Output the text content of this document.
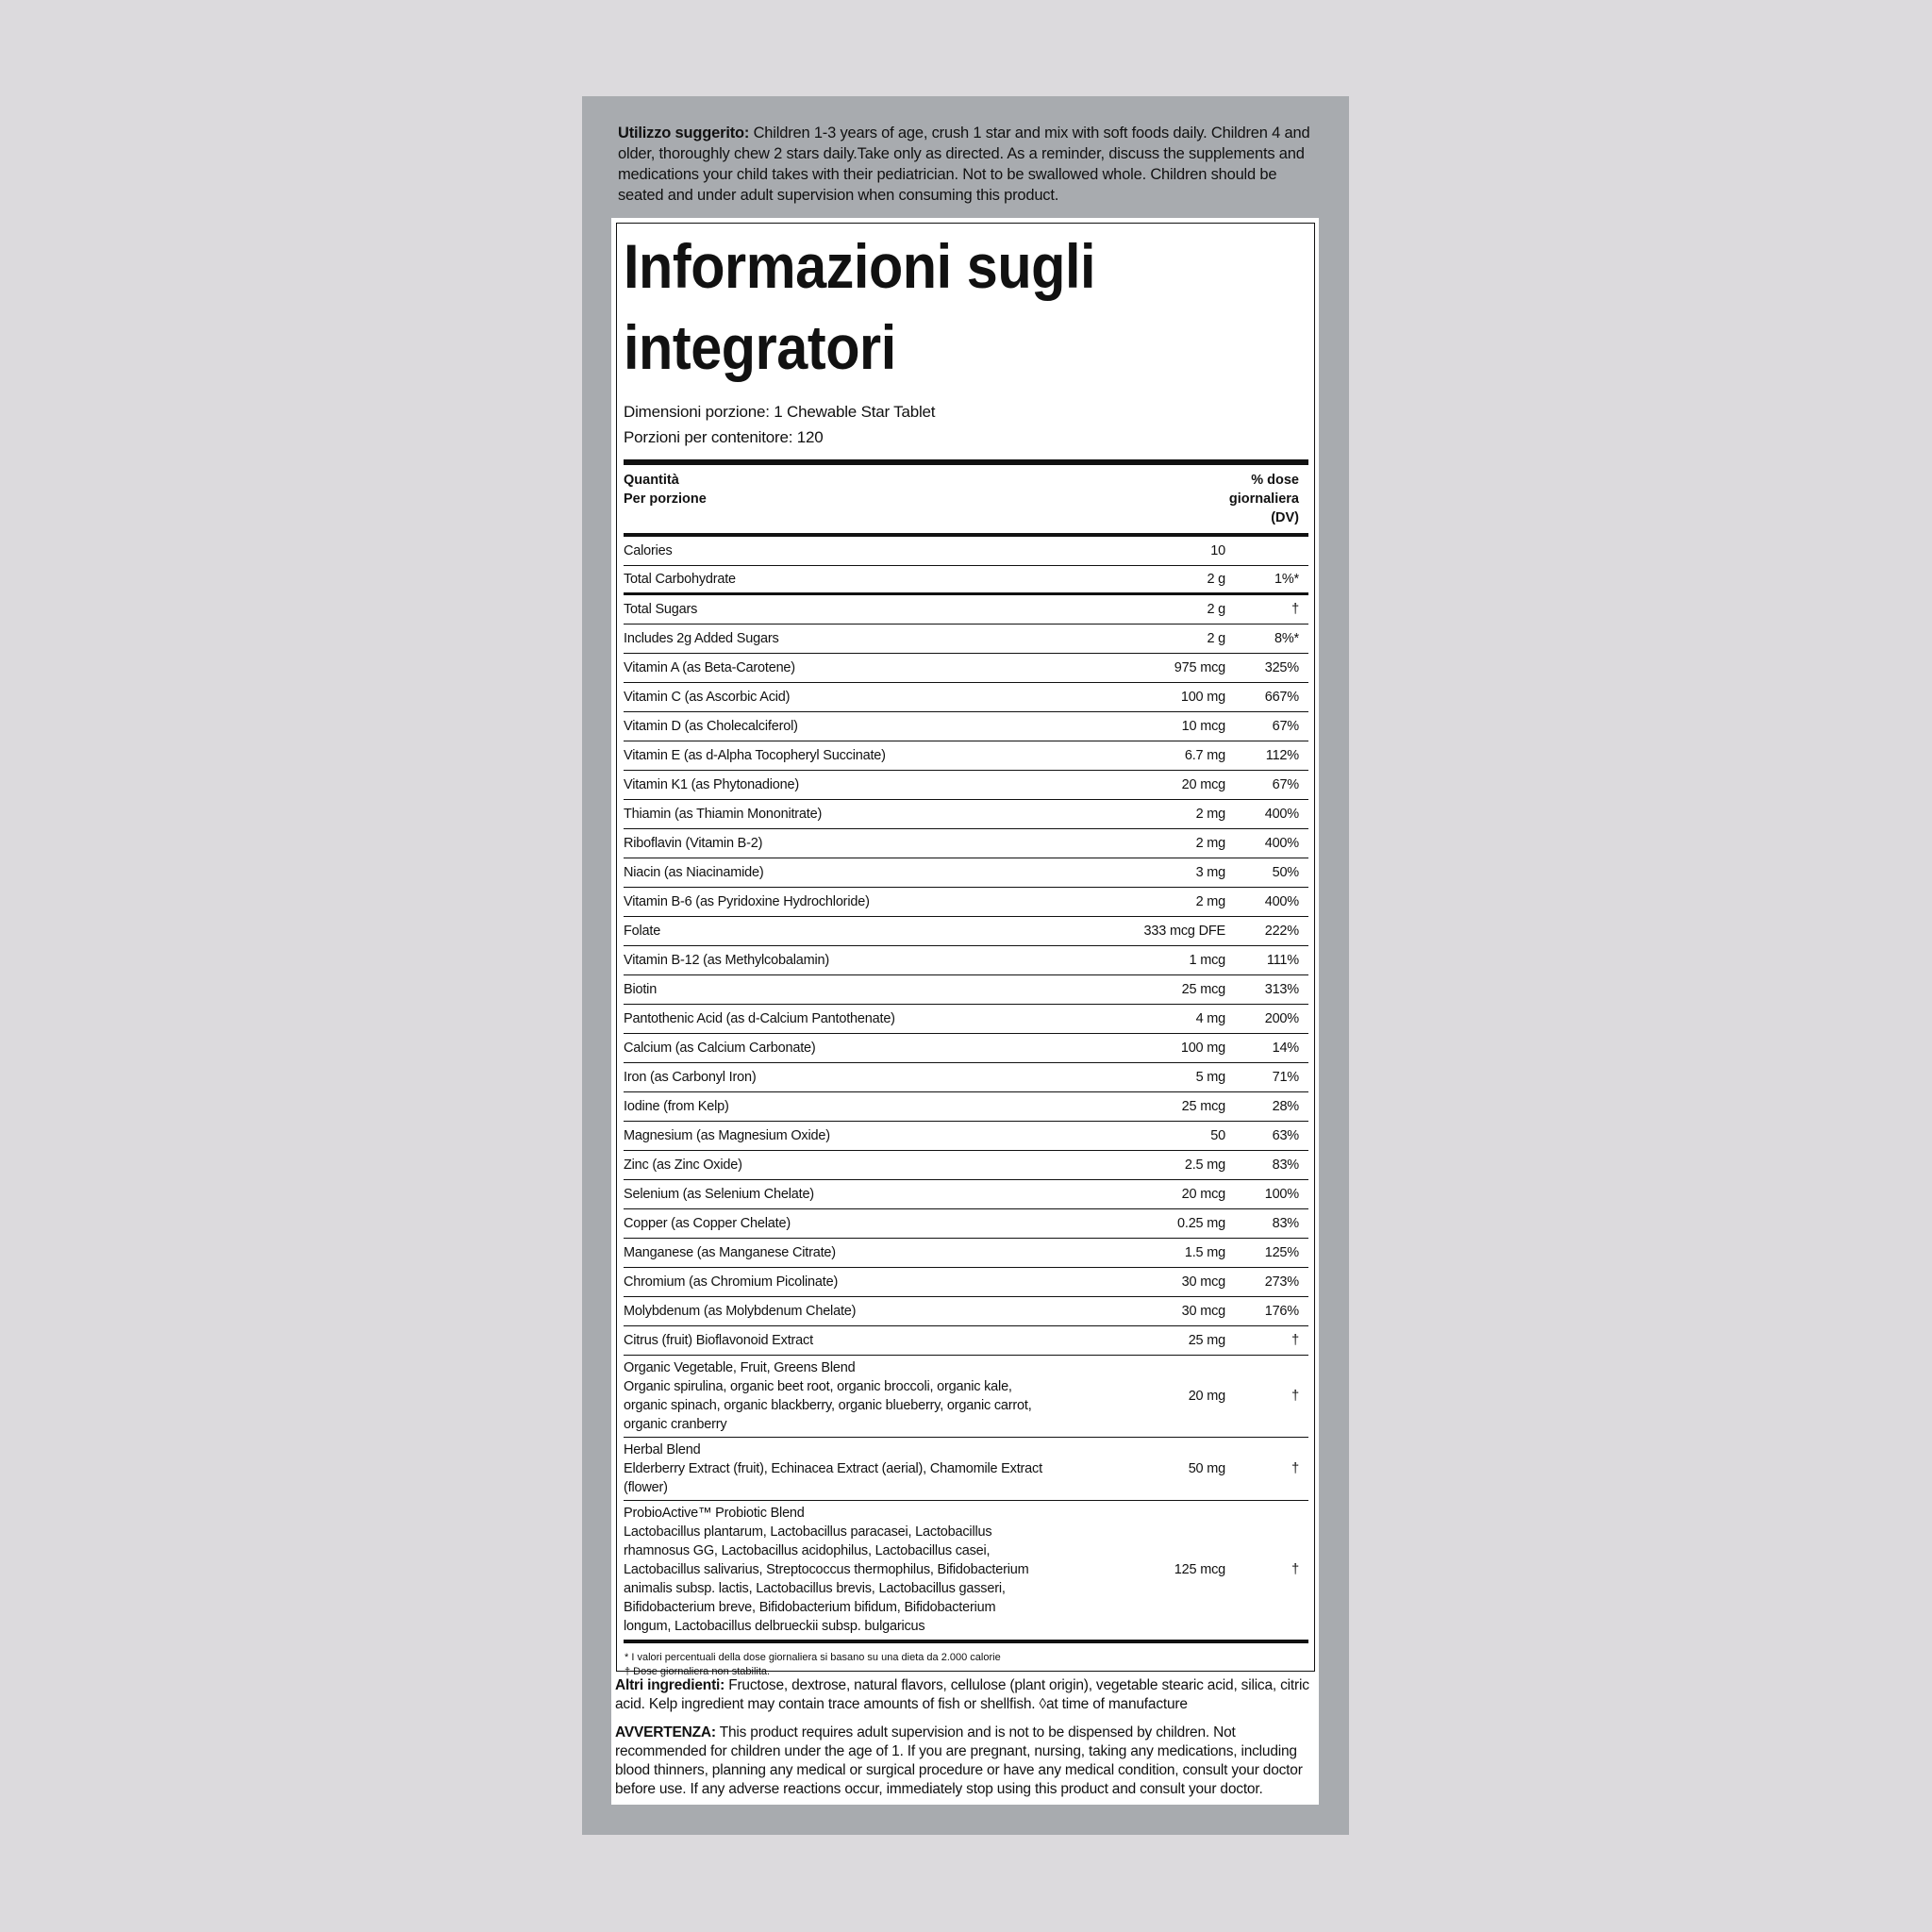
Utilizzo suggerito: Children 1-3 years of age, crush 1 star and mix with soft foods daily. Children 4 and older, thoroughly chew 2 stars daily.Take only as directed. As a reminder, discuss the supplements and medications your child takes with their pediatrician. Not to be swallowed whole. Children should be seated and under adult supervision when consuming this product.

Informazioni sugli integratori
Dimensioni porzione: 1 Chewable Star Tablet
Porzioni per contenitore: 120
Quantità
Per porzione
% dose
giornaliera
(DV)
Calories	10
Total Carbohydrate	2 g	1%*
Total Sugars	2 g	†
Includes 2g Added Sugars	2 g	8%*
Vitamin A (as Beta-Carotene)	975 mcg	325%
Vitamin C (as Ascorbic Acid)	100 mg	667%
Vitamin D (as Cholecalciferol)	10 mcg	67%
Vitamin E (as d-Alpha Tocopheryl Succinate)	6.7 mg	112%
Vitamin K1 (as Phytonadione)	20 mcg	67%
Thiamin (as Thiamin Mononitrate)	2 mg	400%
Riboflavin (Vitamin B-2)	2 mg	400%
Niacin (as Niacinamide)	3 mg	50%
Vitamin B-6 (as Pyridoxine Hydrochloride)	2 mg	400%
Folate	333 mcg DFE	222%
Vitamin B-12 (as Methylcobalamin)	1 mcg	111%
Biotin	25 mcg	313%
Pantothenic Acid (as d-Calcium Pantothenate)	4 mg	200%
Calcium (as Calcium Carbonate)	100 mg	14%
Iron (as Carbonyl Iron)	5 mg	71%
Iodine (from Kelp)	25 mcg	28%
Magnesium (as Magnesium Oxide)	50	63%
Zinc (as Zinc Oxide)	2.5 mg	83%
Selenium (as Selenium Chelate)	20 mcg	100%
Copper (as Copper Chelate)	0.25 mg	83%
Manganese (as Manganese Citrate)	1.5 mg	125%
Chromium (as Chromium Picolinate)	30 mcg	273%
Molybdenum (as Molybdenum Chelate)	30 mcg	176%
Citrus (fruit) Bioflavonoid Extract	25 mg	†
Organic Vegetable, Fruit, Greens Blend
Organic spirulina, organic beet root, organic broccoli, organic kale, organic spinach, organic blackberry, organic blueberry, organic carrot, organic cranberry
20 mg	†
Herbal Blend
Elderberry Extract (fruit), Echinacea Extract (aerial), Chamomile Extract (flower)
50 mg	†
ProbioActive™ Probiotic Blend
Lactobacillus plantarum, Lactobacillus paracasei, Lactobacillus rhamnosus GG, Lactobacillus acidophilus, Lactobacillus casei, Lactobacillus salivarius, Streptococcus thermophilus, Bifidobacterium animalis subsp. lactis, Lactobacillus brevis, Lactobacillus gasseri, Bifidobacterium breve, Bifidobacterium bifidum, Bifidobacterium longum, Lactobacillus delbrueckii subsp. bulgaricus
125 mcg	†
* I valori percentuali della dose giornaliera si basano su una dieta da 2.000 calorie
† Dose giornaliera non stabilita.

Altri ingredienti: Fructose, dextrose, natural flavors, cellulose (plant origin), vegetable stearic acid, silica, citric acid. Kelp ingredient may contain trace amounts of fish or shellfish. ◊at time of manufacture

AVVERTENZA: This product requires adult supervision and is not to be dispensed by children. Not recommended for children under the age of 1. If you are pregnant, nursing, taking any medications, including blood thinners, planning any medical or surgical procedure or have any medical condition, consult your doctor before use. If any adverse reactions occur, immediately stop using this product and consult your doctor.
